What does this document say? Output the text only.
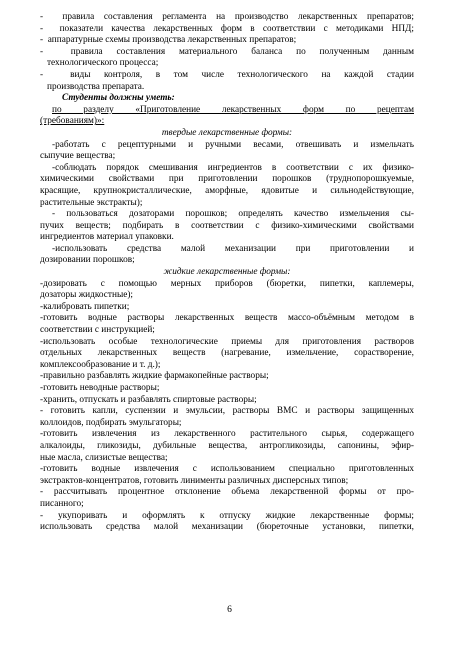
-  правила составления регламента на производство лекарственных препаратов;
-  показатели качества лекарственных форм в соответствии с методиками НПД;
-  аппаратурные схемы производства лекарственных препаратов;
-  правила составления материального баланса по полученным данным
технологического процесса;
-  виды контроля, в том числе технологического на каждой стадии
производства препарата.
Студенты должны уметь:
по разделу «Приготовление лекарственных форм по рецептам
(требованиям)»:
твердые лекарственные формы:
-работать с рецептурными и ручными весами, отвешивать и измельчать
сыпучие вещества;
-соблюдать порядок смешивания ингредиентов в соответствии с их физико-
химическими свойствами при приготовлении порошков (труднопорошкуемые,
красящие, крупнокристаллические, аморфные, ядовитые и сильнодействующие,
растительные экстракты);
- пользоваться дозаторами порошков; определять качество измельчения сы-
пучих веществ; подбирать в соответствии с физико-химическими свойствами
ингредиентов материал упаковки.
-использовать средства малой механизации при приготовлении и
дозировании порошков;
жидкие лекарственные формы:
-дозировать с помощью мерных приборов (бюретки, пипетки, каплемеры,
дозаторы жидкостные);
-калибровать пипетки;
-готовить водные растворы лекарственных веществ массо-объёмным методом в
соответствии с инструкцией;
-использовать особые технологические приемы для приготовления растворов
отдельных лекарственных веществ (нагревание, измельчение, сорастворение,
комплексообразование и т. д.);
-правильно разбавлять жидкие фармакопейные растворы;
-готовить неводные растворы;
-хранить, отпускать и разбавлять спиртовые растворы;
- готовить капли, суспензии и эмульсии, растворы ВМС и растворы защищенных
коллоидов, подбирать эмульгаторы;
-готовить извлечения из лекарственного растительного сырья, содержащего
алкалоиды, гликозиды, дубильные вещества, антрогликозиды, сапонины, эфир-
ные масла, слизистые вещества;
-готовить водные извлечения с использованием специально приготовленных
экстрактов-концентратов, готовить линименты различных дисперсных типов;
- рассчитывать процентное отклонение объема лекарственной формы от про-
писанного;
- укупоривать и оформлять к отпуску жидкие лекарственные формы;
использовать средства малой механизации (бюреточные установки, пипетки,
6
